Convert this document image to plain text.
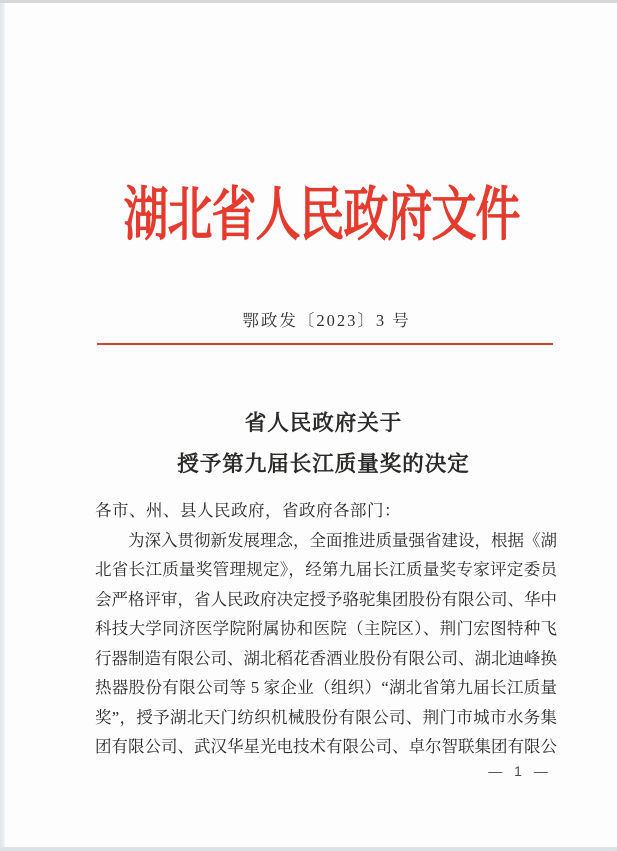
湖北省人民政府文件
鄂政发〔2023〕3 号
省人民政府关于
授予第九届长江质量奖的决定
各市、州、县人民政府，省政府各部门：
为深入贯彻新发展理念，全面推进质量强省建设，根据《湖
北省长江质量奖管理规定》，经第九届长江质量奖专家评定委员
会严格评审，省人民政府决定授予骆驼集团股份有限公司、华中
科技大学同济医学院附属协和医院（主院区）、荆门宏图特种飞
行器制造有限公司、湖北稻花香酒业股份有限公司、湖北迪峰换
热器股份有限公司等 5 家企业（组织）“湖北省第九届长江质量
奖”，授予湖北天门纺织机械股份有限公司、荆门市城市水务集
团有限公司、武汉华星光电技术有限公司、卓尔智联集团有限公
— 1 —
